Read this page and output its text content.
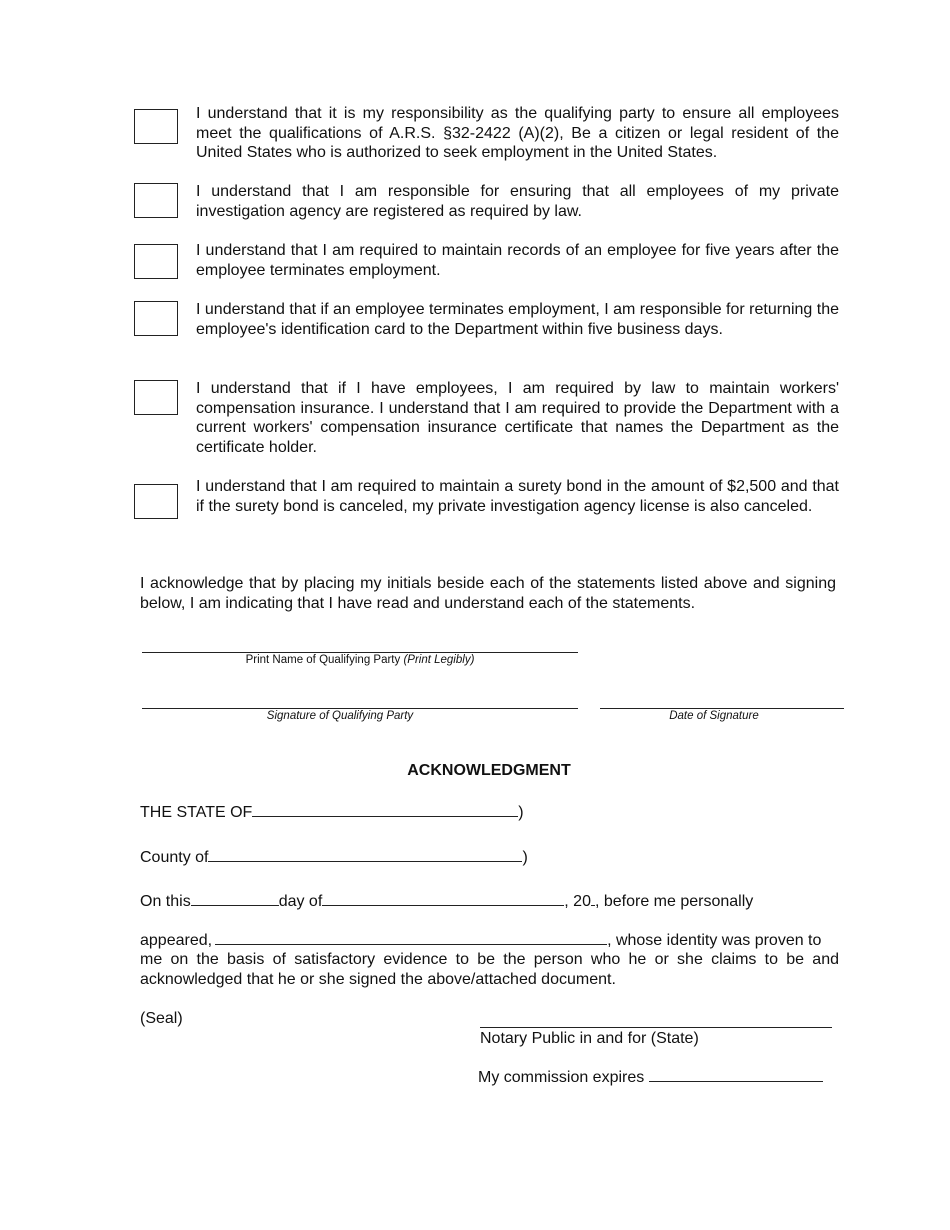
I understand that it is my responsibility as the qualifying party to ensure all employees meet the qualifications of A.R.S. §32-2422 (A)(2), Be a citizen or legal resident of the United States who is authorized to seek employment in the United States.
I understand that I am responsible for ensuring that all employees of my private investigation agency are registered as required by law.
I understand that I am required to maintain records of an employee for five years after the employee terminates employment.
I understand that if an employee terminates employment, I am responsible for returning the employee's identification card to the Department within five business days.
I understand that if I have employees, I am required by law to maintain workers' compensation insurance. I understand that I am required to provide the Department with a current workers' compensation insurance certificate that names the Department as the certificate holder.
I understand that I am required to maintain a surety bond in the amount of $2,500 and that if the surety bond is canceled, my private investigation agency license is also canceled.
I acknowledge that by placing my initials beside each of the statements listed above and signing below, I am indicating that I have read and understand each of the statements.
Print Name of Qualifying Party (Print Legibly)
Signature of Qualifying Party	Date of Signature
ACKNOWLEDGMENT
THE STATE OF	)
County of	)
On this	day of	, 20 , before me personally
appeared,	, whose identity was proven to
me on the basis of satisfactory evidence to be the person who he or she claims to be and acknowledged that he or she signed the above/attached document.
(Seal)
Notary Public in and for (State)
My commission expires
